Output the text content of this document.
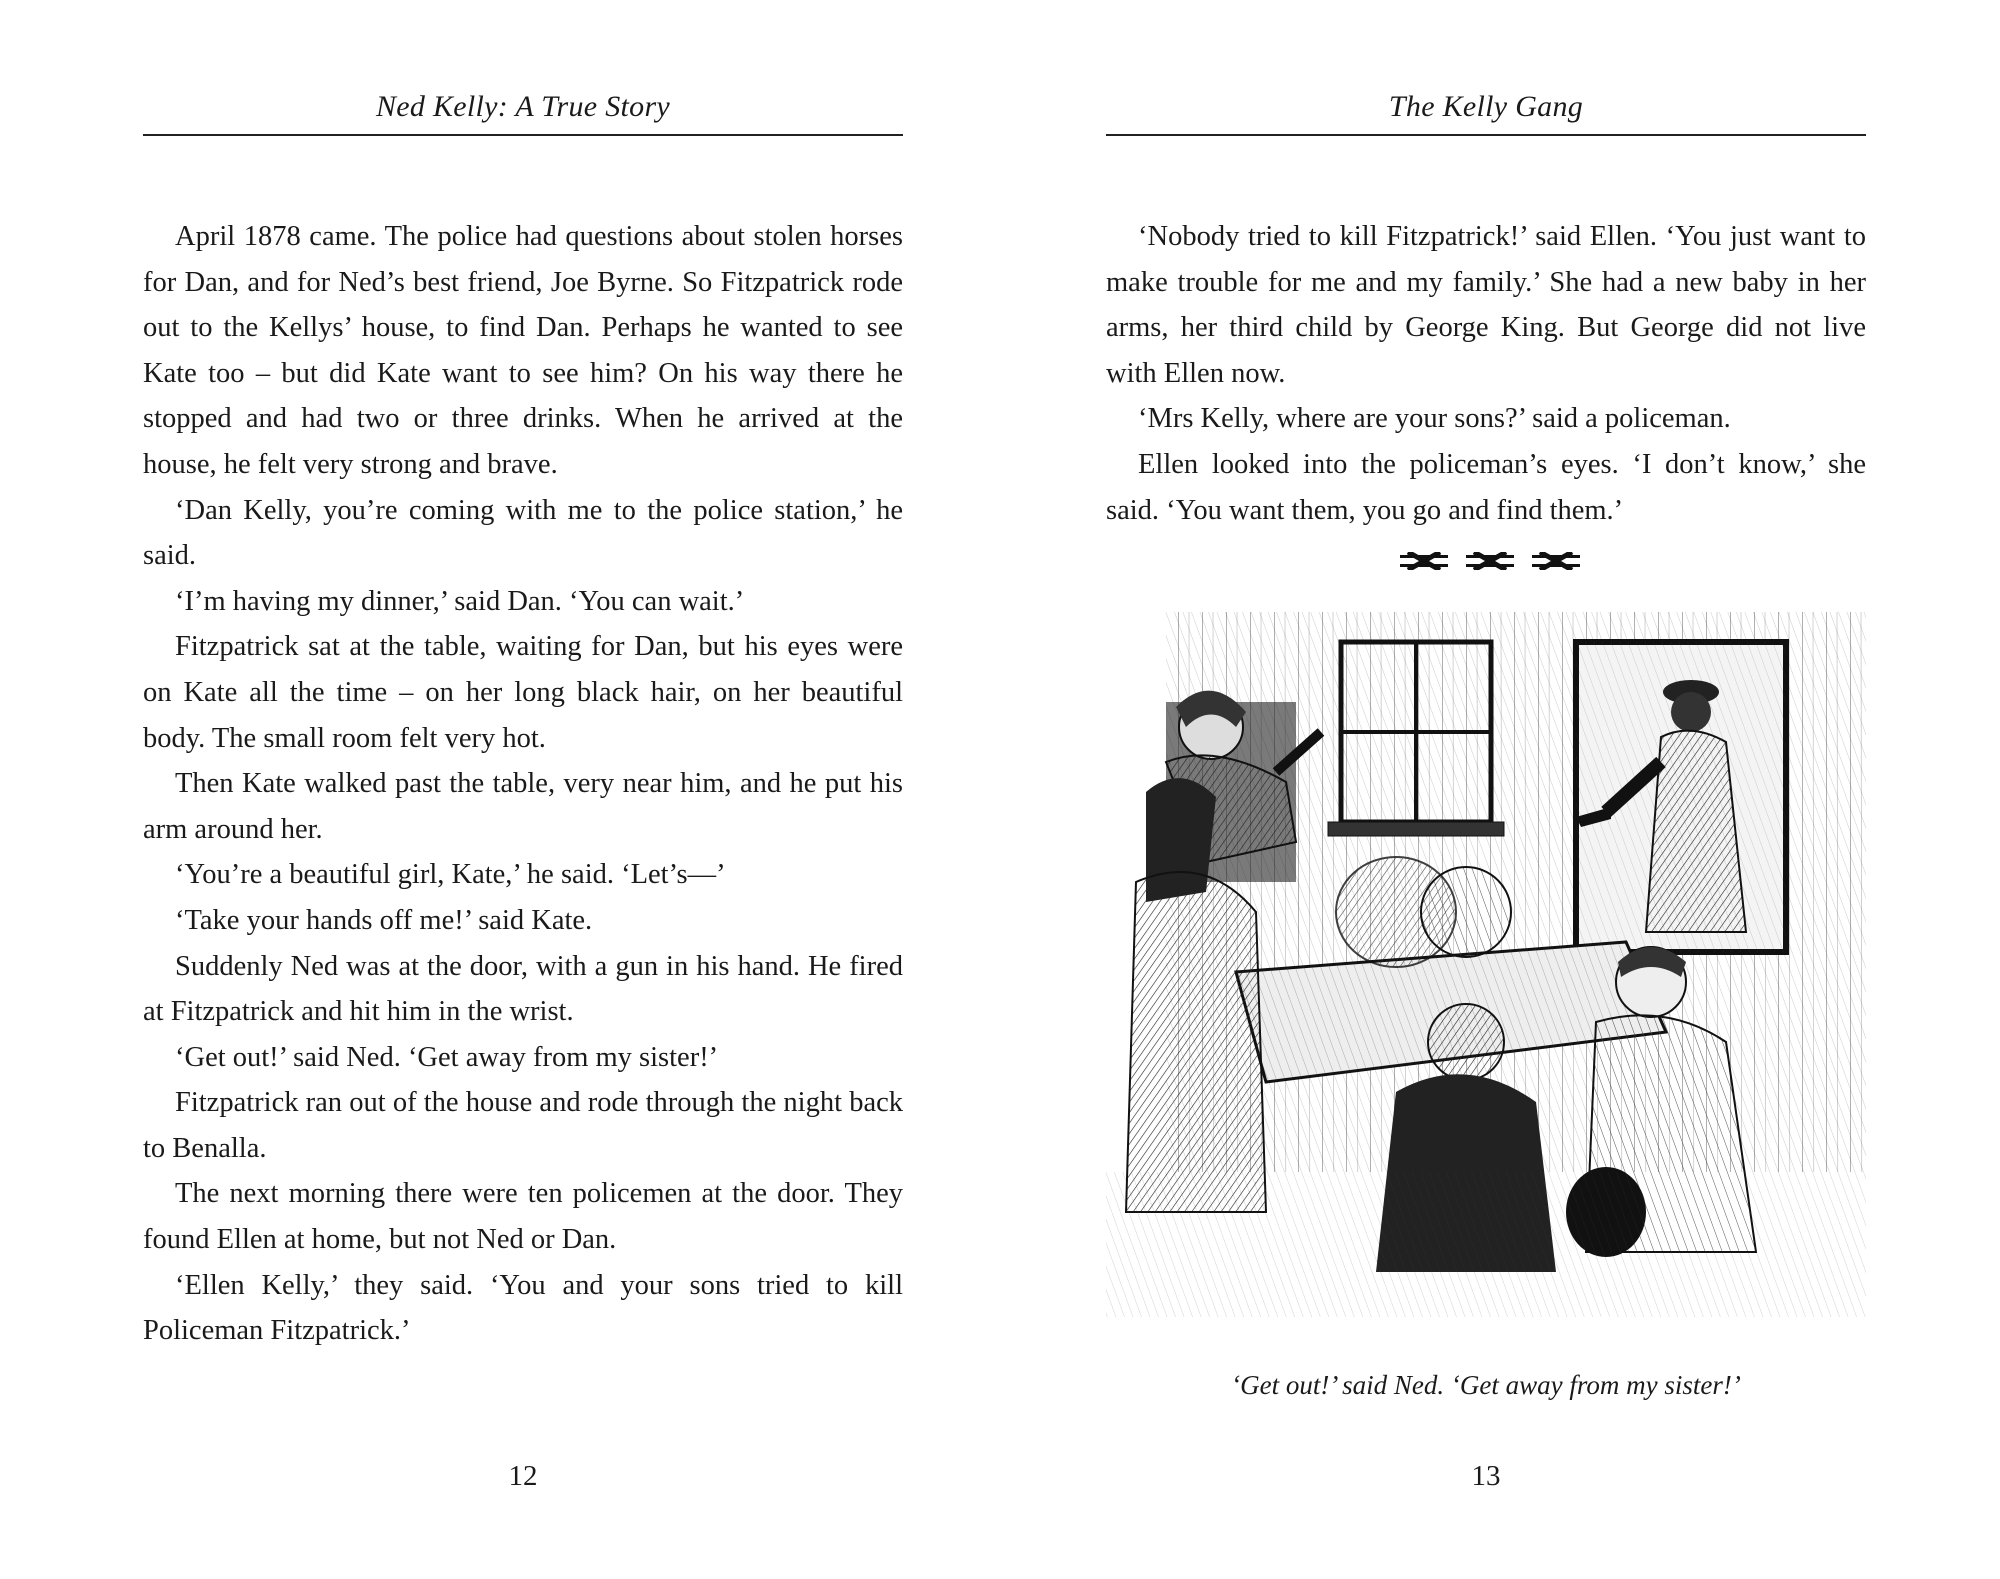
Ned Kelly: A True Story

April 1878 came. The police had questions about stolen horses for Dan, and for Ned’s best friend, Joe Byrne. So Fitzpatrick rode out to the Kellys’ house, to find Dan. Perhaps he wanted to see Kate too – but did Kate want to see him? On his way there he stopped and had two or three drinks. When he arrived at the house, he felt very strong and brave.

‘Dan Kelly, you’re coming with me to the police station,’ he said.

‘I’m having my dinner,’ said Dan. ‘You can wait.’

Fitzpatrick sat at the table, waiting for Dan, but his eyes were on Kate all the time – on her long black hair, on her beautiful body. The small room felt very hot.

Then Kate walked past the table, very near him, and he put his arm around her.

‘You’re a beautiful girl, Kate,’ he said. ‘Let’s—’

‘Take your hands off me!’ said Kate.

Suddenly Ned was at the door, with a gun in his hand. He fired at Fitzpatrick and hit him in the wrist.

‘Get out!’ said Ned. ‘Get away from my sister!’

Fitzpatrick ran out of the house and rode through the night back to Benalla.

The next morning there were ten policemen at the door. They found Ellen at home, but not Ned or Dan.

‘Ellen Kelly,’ they said. ‘You and your sons tried to kill Policeman Fitzpatrick.’

12
The Kelly Gang

‘Nobody tried to kill Fitzpatrick!’ said Ellen. ‘You just want to make trouble for me and my family.’ She had a new baby in her arms, her third child by George King. But George did not live with Ellen now.

‘Mrs Kelly, where are your sons?’ said a policeman.

Ellen looked into the policeman’s eyes. ‘I don’t know,’ she said. ‘You want them, you go and find them.’

‘Get out!’ said Ned. ‘Get away from my sister!’
13
